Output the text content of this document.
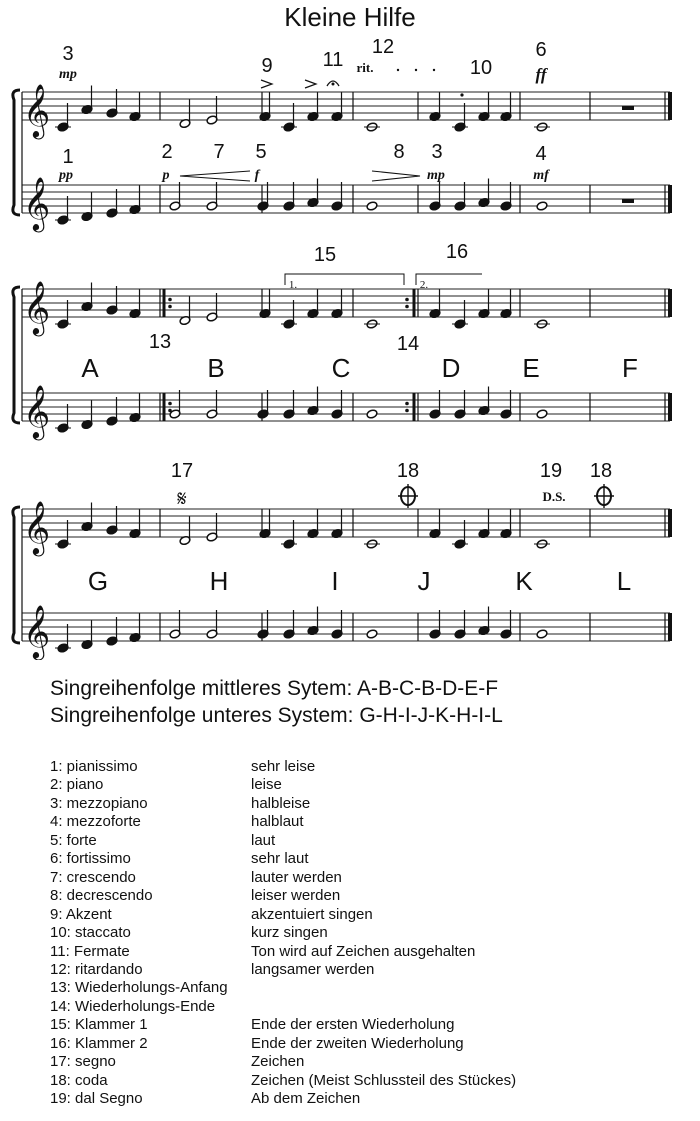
Kleine Hilfe
𝄞
𝄞
3
mp	9	11
12
rit.	10
6
ff
1
pp
2
p
7 5
f
8 3
mp
4
mf
𝄞
𝄞
15
1.
16
2.
13	14
A	B	C	D E	F
𝄞
𝄞
17
𝄋
18	19
D.S.
18
G	H	I	J	K	L
Singreihenfolge mittleres Sytem: A-B-C-B-D-E-F
Singreihenfolge unteres System: G-H-I-J-K-H-I-L
1: pianissimo	sehr leise
2: piano	leise
3: mezzopiano	halbleise
4: mezzoforte	halblaut
5: forte	laut
6: fortissimo	sehr laut
7: crescendo	lauter werden
8: decrescendo	leiser werden
9: Akzent	akzentuiert singen
10: staccato	kurz singen
11: Fermate	Ton wird auf Zeichen ausgehalten
12: ritardando	langsamer werden
13: Wiederholungs-Anfang
14: Wiederholungs-Ende
15: Klammer 1	Ende der ersten Wiederholung
16: Klammer 2	Ende der zweiten Wiederholung
17: segno	Zeichen
18: coda	Zeichen (Meist Schlussteil des Stückes)
19: dal Segno	Ab dem Zeichen
